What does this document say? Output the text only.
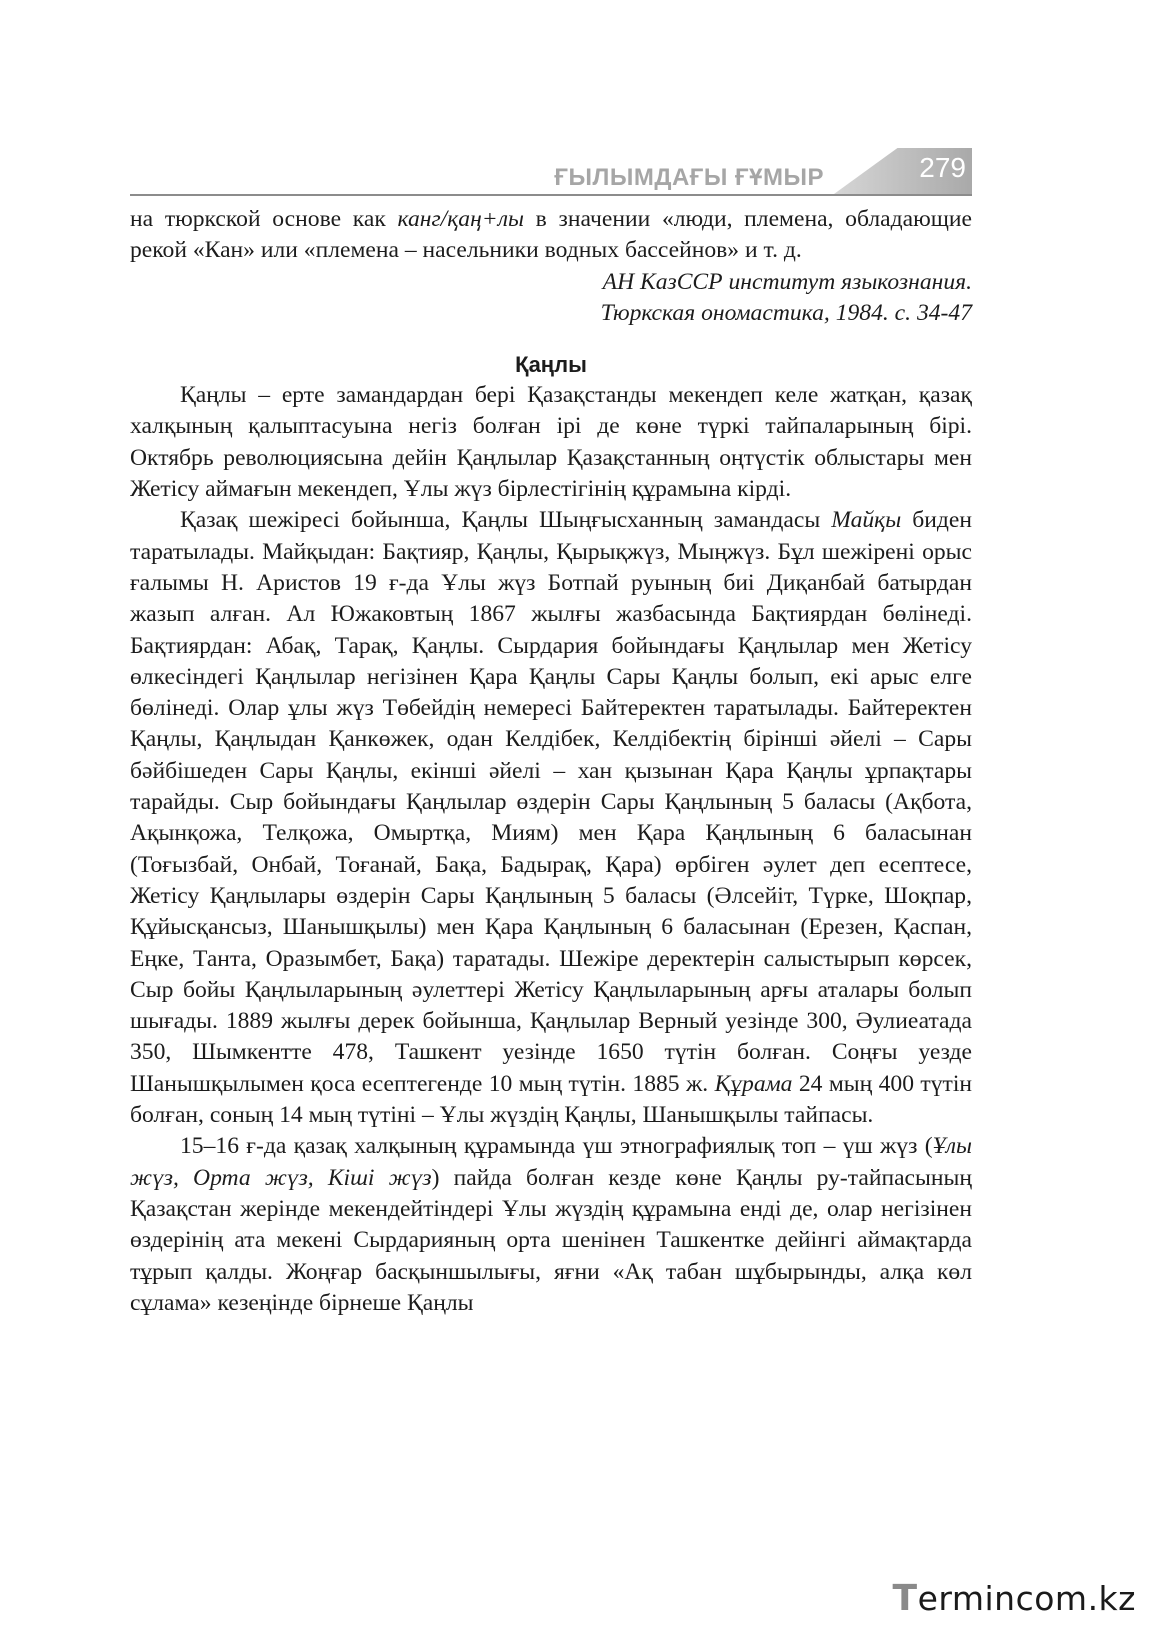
ҒЫЛЫМДАҒЫ ҒҰМЫР	279

на тюркской основе как канг/қаң+лы в значении «люди, племена, обладающие рекой «Кан» или «племена – насельники водных бассейнов» и т. д.

АН КазССР институт языкознания.
Тюркская ономастика, 1984. с. 34-47
Қаңлы

Қаңлы – ерте замандардан бері Қазақстанды мекендеп келе жатқан, қазақ халқының қалыптасуына негіз болған ірі де көне түркі тайпаларының бірі. Октябрь революциясына дейін Қаңлылар Қазақстанның оңтүстік облыстары мен Жетісу аймағын мекендеп, Ұлы жүз бірлестігінің құрамына кірді.

Қазақ шежіресі бойынша, Қаңлы Шыңғысханның замандасы Майқы биден таратылады. Майқыдан: Бақтияр, Қаңлы, Қырықжүз, Мыңжүз. Бұл шежірені орыс ғалымы Н. Аристов 19 ғ-да Ұлы жүз Ботпай руының биі Диқанбай батырдан жазып алған. Ал Южаковтың 1867 жылғы жазбасында Бақтиярдан бөлінеді. Бақтиярдан: Абақ, Тарақ, Қаңлы. Сырдария бойындағы Қаңлылар мен Жетісу өлкесіндегі Қаңлылар негізінен Қара Қаңлы Сары Қаңлы болып, екі арыс елге бөлінеді. Олар ұлы жүз Төбейдің немересі Байтеректен таратылады. Байтеректен Қаңлы, Қаңлыдан Қанкөжек, одан Келдібек, Келдібектің бірінші әйелі – Сары бәйбішеден Сары Қаңлы, екінші әйелі – хан қызынан Қара Қаңлы ұрпақтары тарайды. Сыр бойындағы Қаңлылар өздерін Сары Қаңлының 5 баласы (Ақбота, Ақынқожа, Телқожа, Омыртқа, Миям) мен Қара Қаңлының 6 баласынан (Тоғызбай, Онбай, Тоғанай, Бақа, Бадырақ, Қара) өрбіген әулет деп есептесе, Жетісу Қаңлылары өздерін Сары Қаңлының 5 баласы (Әлсейіт, Түрке, Шоқпар, Құйысқансыз, Шанышқылы) мен Қара Қаңлының 6 баласынан (Ерезен, Қаспан, Еңке, Танта, Оразымбет, Бақа) таратады. Шежіре деректерін салыстырып көрсек, Сыр бойы Қаңлыларының әулеттері Жетісу Қаңлыларының арғы аталары болып шығады. 1889 жылғы дерек бойынша, Қаңлылар Верный уезінде 300, Әулиеатада 350, Шымкентте 478, Ташкент уезінде 1650 түтін болған. Соңғы уезде Шанышқылымен қоса есептегенде 10 мың түтін. 1885 ж. Құрама 24 мың 400 түтін болған, соның 14 мың түтіні – Ұлы жүздің Қаңлы, Шанышқылы тайпасы.

15–16 ғ-да қазақ халқының құрамында үш этнографиялық топ – үш жүз (Ұлы жүз, Орта жүз, Кіші жүз) пайда болған кезде көне Қаңлы ру-тайпасының Қазақстан жерінде мекендейтіндері Ұлы жүздің құрамына енді де, олар негізінен өздерінің ата мекені Сырдарияның орта шенінен Ташкентке дейінгі аймақтарда тұрып қалды. Жоңғар басқыншылығы, яғни «Ақ табан шұбырынды, алқа көл сұлама» кезеңінде бірнеше Қаңлы

Termincоm.kz
